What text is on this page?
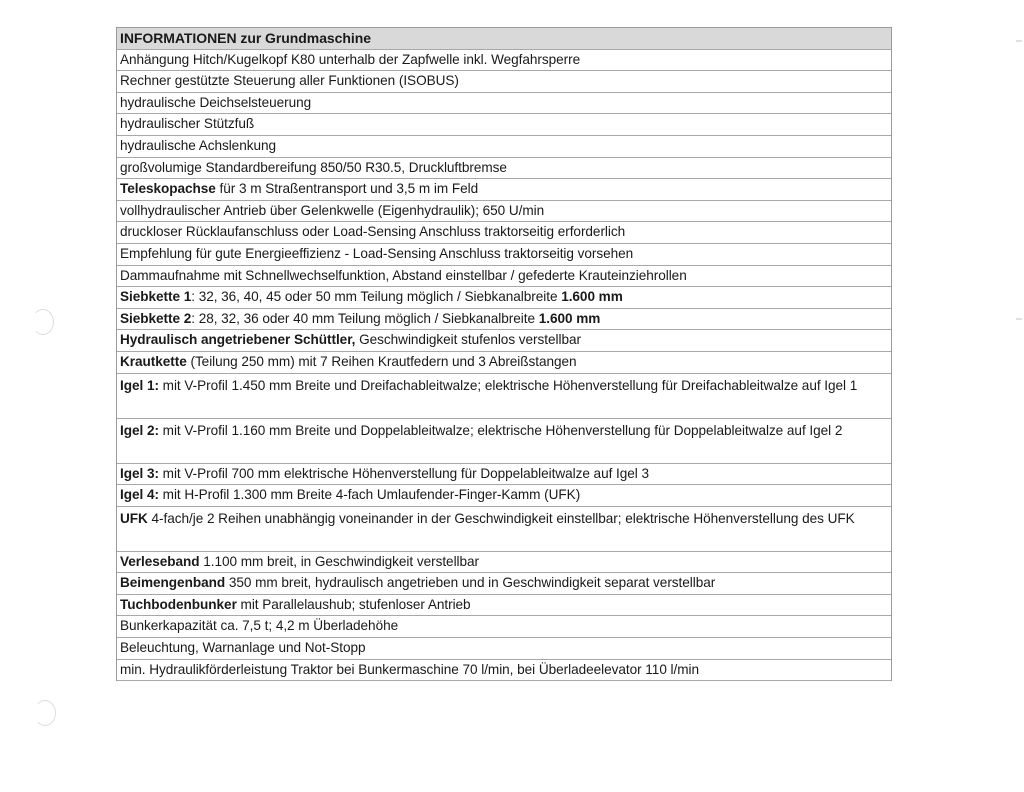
INFORMATIONEN zur Grundmaschine
Anhängung Hitch/Kugelkopf K80 unterhalb der Zapfwelle inkl. Wegfahrsperre
Rechner gestützte Steuerung aller Funktionen (ISOBUS)
hydraulische Deichselsteuerung
hydraulischer Stützfuß
hydraulische Achslenkung
großvolumige Standardbereifung 850/50 R30.5, Druckluftbremse
Teleskopachse für 3 m Straßentransport und 3,5 m im Feld
vollhydraulischer Antrieb über Gelenkwelle (Eigenhydraulik); 650 U/min
druckloser Rücklaufanschluss oder Load-Sensing Anschluss traktorseitig erforderlich
Empfehlung für gute Energieeffizienz - Load-Sensing Anschluss traktorseitig vorsehen
Dammaufnahme mit Schnellwechselfunktion, Abstand einstellbar / gefederte Krauteinziehrollen
Siebkette 1: 32, 36, 40, 45 oder 50 mm Teilung möglich / Siebkanalbreite 1.600 mm
Siebkette 2: 28, 32, 36 oder 40 mm Teilung möglich / Siebkanalbreite 1.600 mm
Hydraulisch angetriebener Schüttler, Geschwindigkeit stufenlos verstellbar
Krautkette (Teilung 250 mm) mit 7 Reihen Krautfedern und 3 Abreißstangen
Igel 1: mit V-Profil 1.450 mm Breite und Dreifachableitwalze; elektrische Höhenverstellung für Dreifachableitwalze auf Igel 1
Igel 2: mit V-Profil 1.160 mm Breite und Doppelableitwalze; elektrische Höhenverstellung für Doppelableitwalze auf Igel 2
Igel 3: mit V-Profil 700 mm elektrische Höhenverstellung für Doppelableitwalze auf Igel 3
Igel 4: mit H-Profil 1.300 mm Breite 4-fach Umlaufender-Finger-Kamm (UFK)
UFK 4-fach/je 2 Reihen unabhängig voneinander in der Geschwindigkeit einstellbar; elektrische Höhenverstellung des UFK
Verleseband 1.100 mm breit, in Geschwindigkeit verstellbar
Beimengenband 350 mm breit, hydraulisch angetrieben und in Geschwindigkeit separat verstellbar
Tuchbodenbunker mit Parallelaushub; stufenloser Antrieb
Bunkerkapazität ca. 7,5 t; 4,2 m Überladehöhe
Beleuchtung, Warnanlage und Not-Stopp
min. Hydraulikförderleistung Traktor bei Bunkermaschine 70 l/min, bei Überladeelevator 110 l/min
